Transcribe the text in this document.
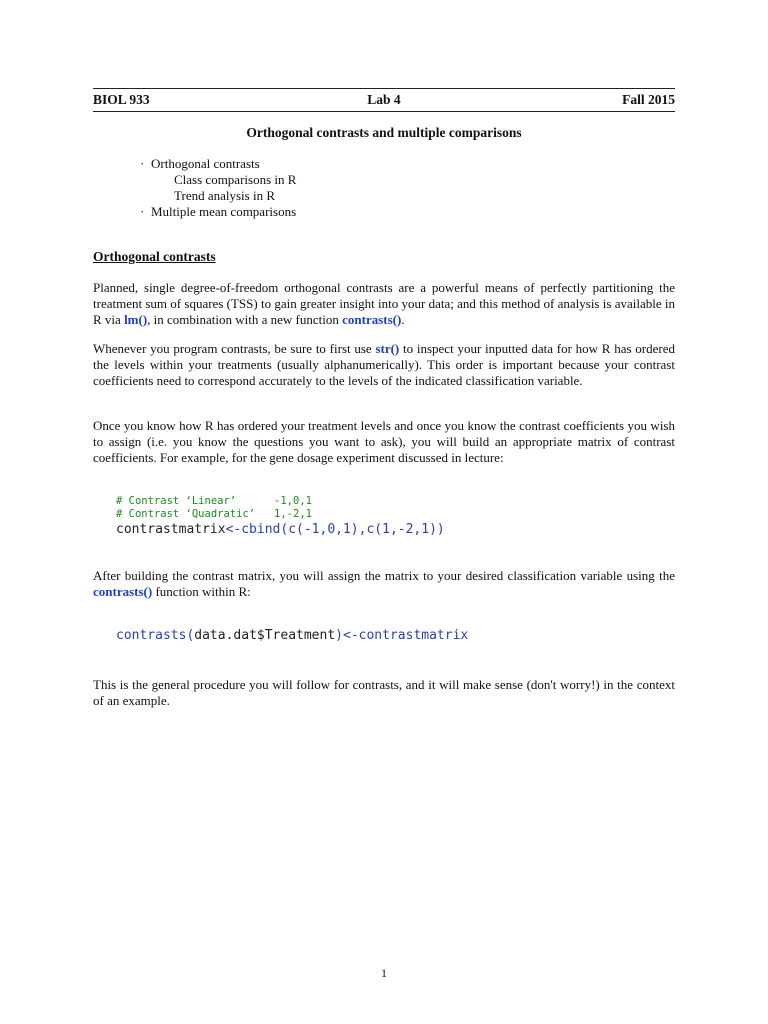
BIOL 933	Lab 4	Fall 2015
Orthogonal contrasts and multiple comparisons
· Orthogonal contrasts
Class comparisons in R
Trend analysis in R
· Multiple mean comparisons
Orthogonal contrasts
Planned, single degree-of-freedom orthogonal contrasts are a powerful means of perfectly partitioning the treatment sum of squares (TSS) to gain greater insight into your data; and this method of analysis is available in R via lm(), in combination with a new function contrasts().
Whenever you program contrasts, be sure to first use str() to inspect your inputted data for how R has ordered the levels within your treatments (usually alphanumerically). This order is important because your contrast coefficients need to correspond accurately to the levels of the indicated classification variable.
Once you know how R has ordered your treatment levels and once you know the contrast coefficients you wish to assign (i.e. you know the questions you want to ask), you will build an appropriate matrix of contrast coefficients. For example, for the gene dosage experiment discussed in lecture:
# Contrast ‘Linear’      -1,0,1
# Contrast ‘Quadratic’   1,-2,1
contrastmatrix<-cbind(c(-1,0,1),c(1,-2,1))
After building the contrast matrix, you will assign the matrix to your desired classification variable using the contrasts() function within R:
contrasts(data.dat$Treatment)<-contrastmatrix
This is the general procedure you will follow for contrasts, and it will make sense (don't worry!) in the context of an example.
1
